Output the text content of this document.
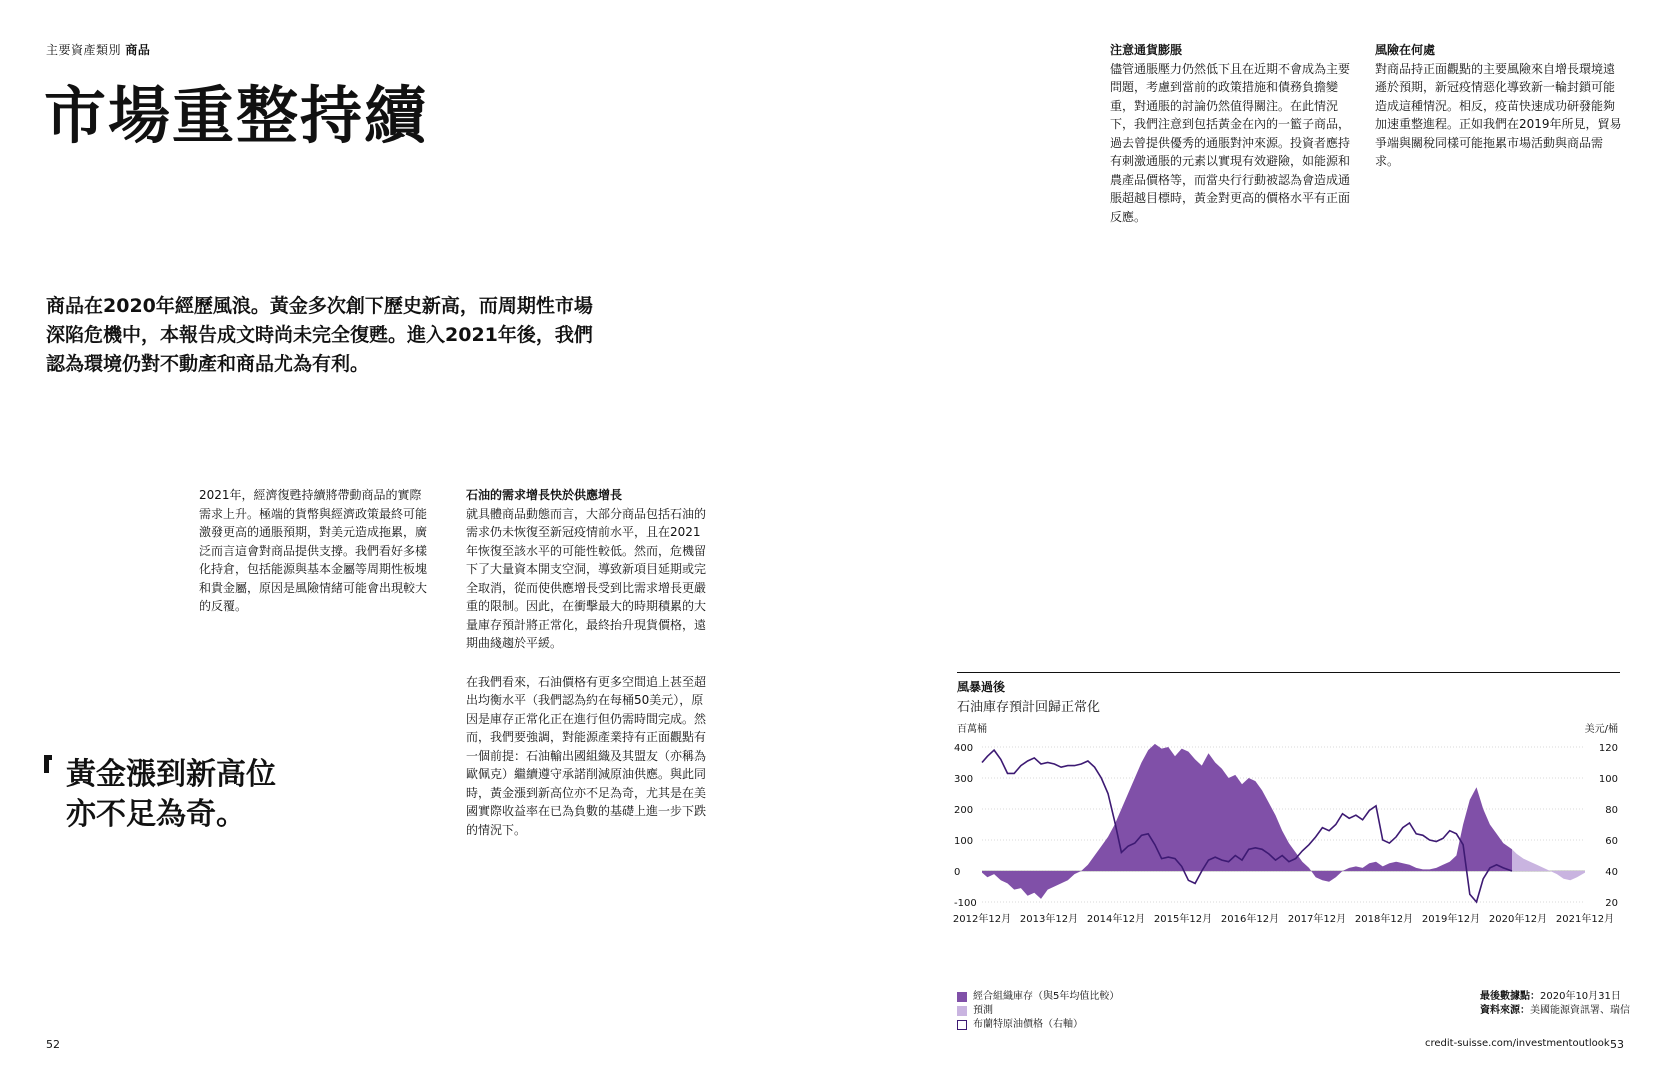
主要資產類別 商品
市場重整持續
商品在2020年經歷風浪。黃金多次創下歷史新高，而周期性市場深陷危機中，本報告成文時尚未完全復甦。進入2021年後，我們認為環境仍對不動產和商品尤為有利。

2021年，經濟復甦持續將帶動商品的實際需求上升。極端的貨幣與經濟政策最終可能激發更高的通脹預期，對美元造成拖累，廣泛而言這會對商品提供支撐。我們看好多樣化持倉，包括能源與基本金屬等周期性板塊和貴金屬，原因是風險情緒可能會出現較大的反覆。

石油的需求增長快於供應增長

就具體商品動態而言，大部分商品包括石油的需求仍未恢復至新冠疫情前水平，且在2021年恢復至該水平的可能性較低。然而，危機留下了大量資本開支空洞，導致新項目延期或完全取消，從而使供應增長受到比需求增長更嚴重的限制。因此，在衝擊最大的時期積累的大量庫存預計將正常化，最終抬升現貨價格，遠期曲綫趨於平緩。

在我們看來，石油價格有更多空間追上甚至超出均衡水平（我們認為約在每桶50美元），原因是庫存正常化正在進行但仍需時間完成。然而，我們要強調，對能源產業持有正面觀點有一個前提：石油輸出國組織及其盟友（亦稱為歐佩克）繼續遵守承諾削減原油供應。與此同時，黃金漲到新高位亦不足為奇，尤其是在美國實際收益率在已為負數的基礎上進一步下跌的情況下。

黃金漲到新高位
亦不足為奇。
注意通貨膨脹

儘管通脹壓力仍然低下且在近期不會成為主要問題，考慮到當前的政策措施和債務負擔變重，對通脹的討論仍然值得關注。在此情況下，我們注意到包括黃金在內的一籃子商品，過去曾提供優秀的通脹對沖來源。投資者應持有刺激通脹的元素以實現有效避險，如能源和農產品價格等，而當央行行動被認為會造成通脹超越目標時，黃金對更高的價格水平有正面反應。

風險在何處

對商品持正面觀點的主要風險來自增長環境遠遜於預期，新冠疫情惡化導致新一輪封鎖可能造成這種情況。相反，疫苗快速成功研發能夠加速重整進程。正如我們在2019年所見，貿易爭端與關稅同樣可能拖累市場活動與商品需求。

風暴過後
石油庫存預計回歸正常化
百萬桶	美元/桶
400
300
200
100
0
-100
120
100
80
60
40
20
2012年12月 2013年12月 2014年12月 2015年12月 2016年12月 2017年12月 2018年12月 2019年12月 2020年12月 2021年12月
經合組織庫存（與5年均值比較）
預測
布蘭特原油價格（右軸）
最後數據點：2020年10月31日
資料來源：美國能源資訊署、瑞信
52	credit-suisse.com/investmentoutlook 53
